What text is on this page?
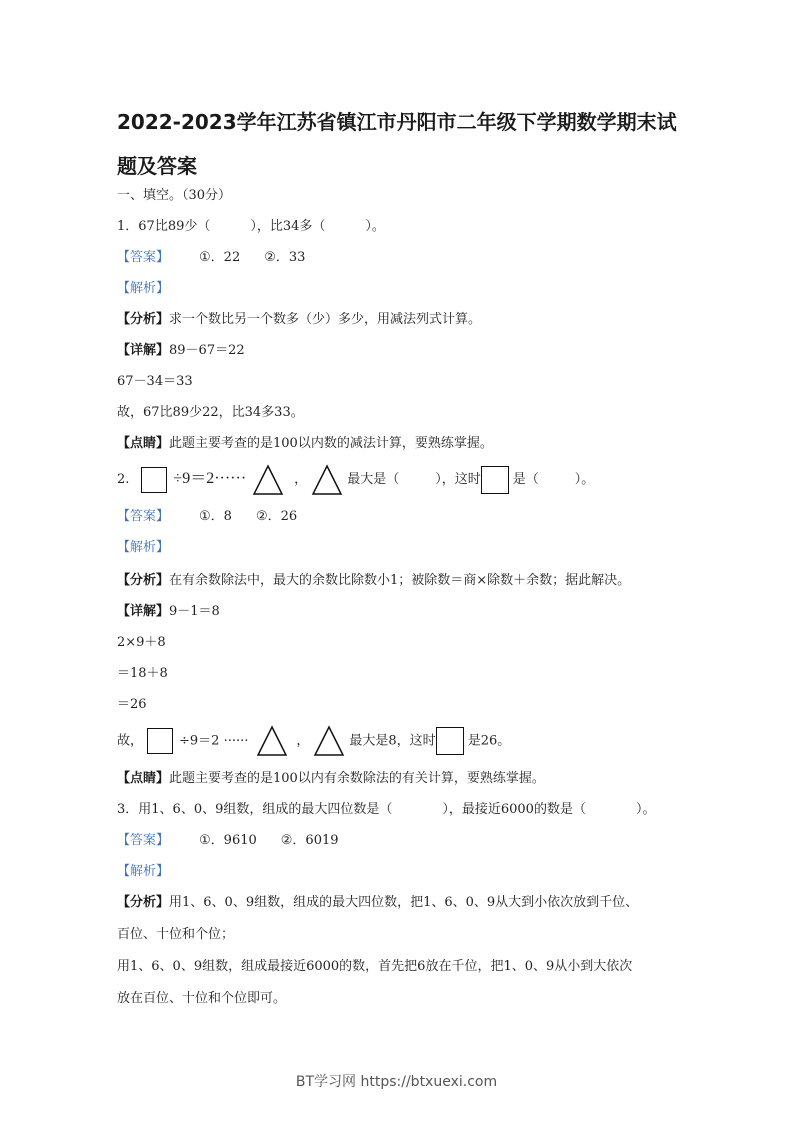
2022-2023学年江苏省镇江市丹阳市二年级下学期数学期末试题及答案
一、填空。（30分）
1．67比89少（	），比34多（	）。
【答案】 ①．22 ②．33
【解析】
【分析】求一个数比另一个数多（少）多少，用减法列式计算。
【详解】89－67＝22
67－34＝33
故，67比89少22，比34多33。
【点睛】此题主要考查的是100以内数的减法计算，要熟练掌握。
2.	÷9＝2······	，	最大是（	），这时 是（	）。
【答案】 ①．8 ②．26
【解析】
【分析】在有余数除法中，最大的余数比除数小1；被除数＝商×除数＋余数；据此解决。
【详解】9－1＝8
2×9＋8
＝18＋8
＝26
故，	÷9＝2 ······	，	最大是8，这时 是26。
【点睛】此题主要考查的是100以内有余数除法的有关计算，要熟练掌握。
3．用1、6、0、9组数，组成的最大四位数是（	），最接近6000的数是（	）。
【答案】 ①．9610 ②．6019
【解析】
【分析】用1、6、0、9组数，组成的最大四位数，把1、6、0、9从大到小依次放到千位、
百位、十位和个位；
用1、6、0、9组数，组成最接近6000的数，首先把6放在千位，把1、0、9从小到大依次
放在百位、十位和个位即可。
BT学习网 https://btxuexi.com
